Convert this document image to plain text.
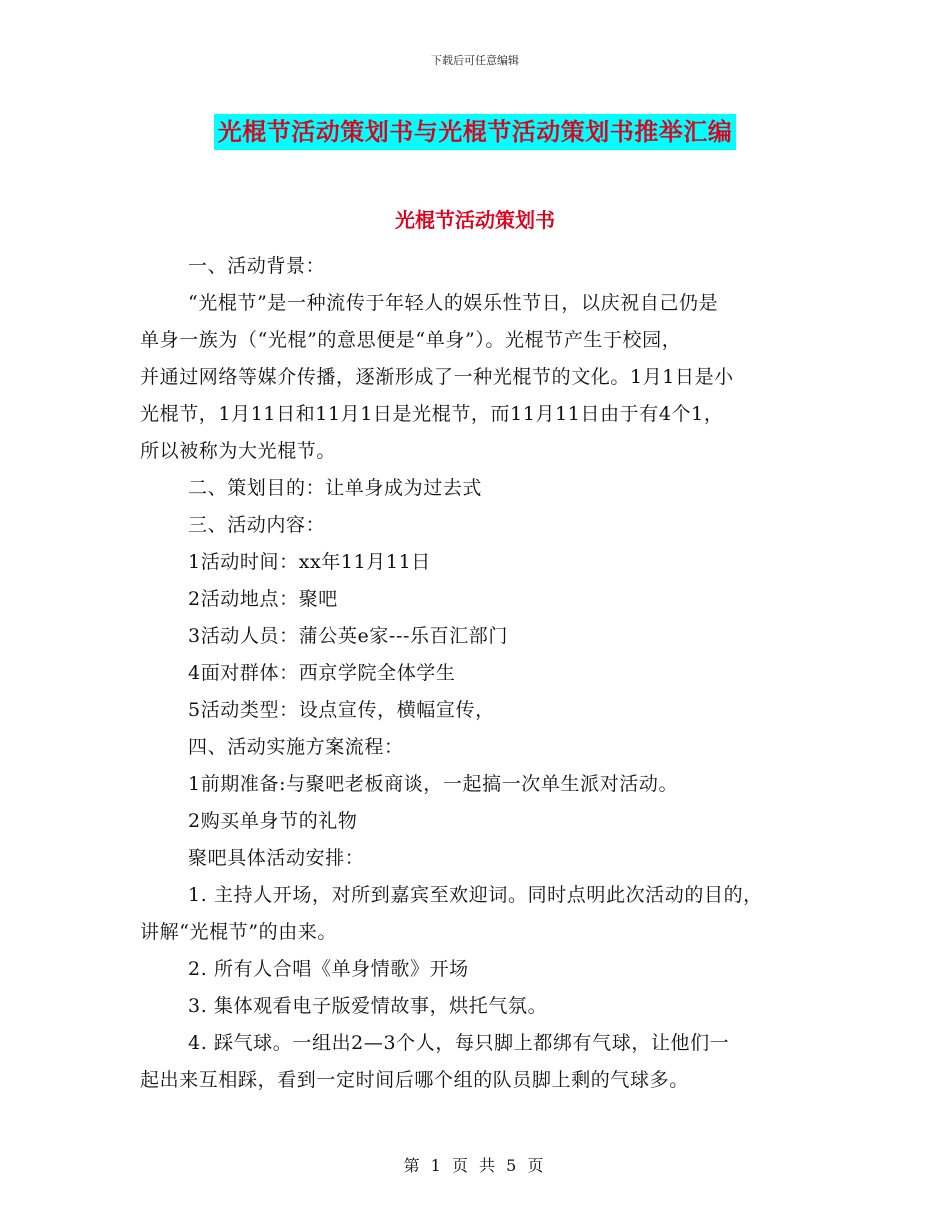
下载后可任意编辑
光棍节活动策划书与光棍节活动策划书推举汇编
光棍节活动策划书
一、活动背景：
“光棍节”是一种流传于年轻人的娱乐性节日，以庆祝自己仍是
单身一族为（“光棍”的意思便是“单身”）。光棍节产生于校园，
并通过网络等媒介传播，逐渐形成了一种光棍节的文化。1月1日是小
光棍节，1月11日和11月1日是光棍节，而11月11日由于有4个1，
所以被称为大光棍节。
二、策划目的：让单身成为过去式
三、活动内容：
1活动时间：xx年11月11日
2活动地点：聚吧
3活动人员：蒲公英e家---乐百汇部门
4面对群体：西京学院全体学生
5活动类型：设点宣传，横幅宣传，
四、活动实施方案流程：
1前期准备:与聚吧老板商谈，一起搞一次单生派对活动。
2购买单身节的礼物
聚吧具体活动安排：
1. 主持人开场，对所到嘉宾至欢迎词。同时点明此次活动的目的，
讲解“光棍节”的由来。
2. 所有人合唱《单身情歌》开场
3. 集体观看电子版爱情故事，烘托气氛。
4. 踩气球。一组出2—3个人，每只脚上都绑有气球，让他们一
起出来互相踩，看到一定时间后哪个组的队员脚上剩的气球多。
第 1 页 共 5 页
